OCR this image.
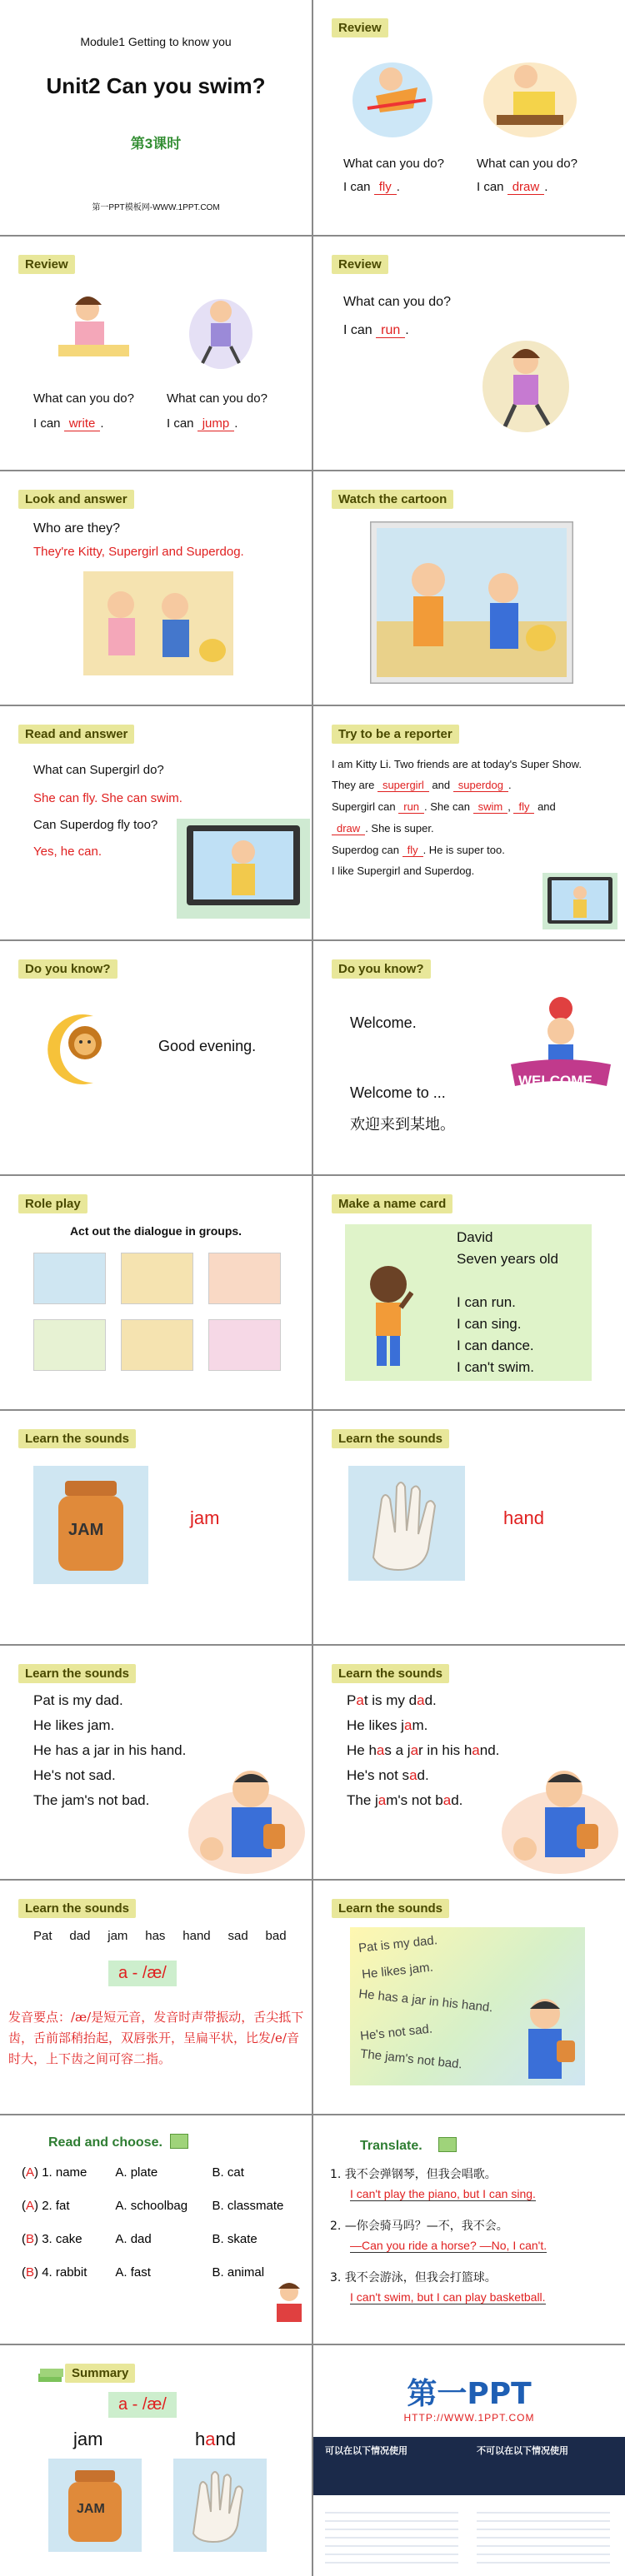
Module1 Getting to know you
Unit2 Can you swim?
第3课时
第一PPT模板网-WWW.1PPT.COM
Review
What can you do?	What can you do?
I can fly .	I can draw .
Review
What can you do?	What can you do?
I can write .	I can jump .
Review
What can you do?
I can run .
Look and answer
Who are they?
They're Kitty, Supergirl and Superdog.
Watch the cartoon
Read and answer
What can Supergirl do?
She can fly. She can swim.
Can Superdog fly too?
Yes, he can.
Try to be a reporter
I am Kitty Li. Two friends are at today's Super Show.
They are supergirl and superdog .
Supergirl can run . She can swim , fly and
draw . She is super.
Superdog can fly . He is super too.
I like Supergirl and Superdog.
Do you know?
Good evening.
Do you know?
Welcome.
Welcome to ...
欢迎来到某地。
WELCOME
Role play
Act out the dialogue in groups.
Make a name card
David
Seven years old
I can run.
I can sing.
I can dance.
I can't swim.
Learn the sounds
JAM
jam
Learn the sounds
hand
Learn the sounds
Pat is my dad.
He likes jam.
He has a jar in his hand.
He's not sad.
The jam's not bad.
Learn the sounds
Pat is my dad.
He likes jam.
He has a jar in his hand.
He's not sad.
The jam's not bad.
Learn the sounds
Pat dad jam has hand sad bad
a - /æ/
发音要点：/æ/是短元音，发音时声带振动，舌尖抵下齿，舌前部稍抬起，双唇张开，呈扁平状，比发/e/音时大，上下齿之间可容二指。
Learn the sounds
Pat is my dad.
He likes jam.
He has a jar in his hand.
He's not sad.
The jam's not bad.
Read and choose.
(A) 1. name A. plate	B. cat
(A) 2. fat	A. schoolbag B. classmate
(B) 3. cake	A. dad	B. skate
(B) 4. rabbit A. fast	B. animal
Translate.
1. 我不会弹钢琴，但我会唱歌。
I can't play the piano, but I can sing.
2. —你会骑马吗？—不，我不会。
—Can you ride a horse? —No, I can't.
3. 我不会游泳，但我会打篮球。
I can't swim, but I can play basketball.
Summary
a - /æ/
jam	hand
JAM
第一PPT
HTTP://WWW.1PPT.COM
可以在以下情况使用	不可以在以下情况使用
